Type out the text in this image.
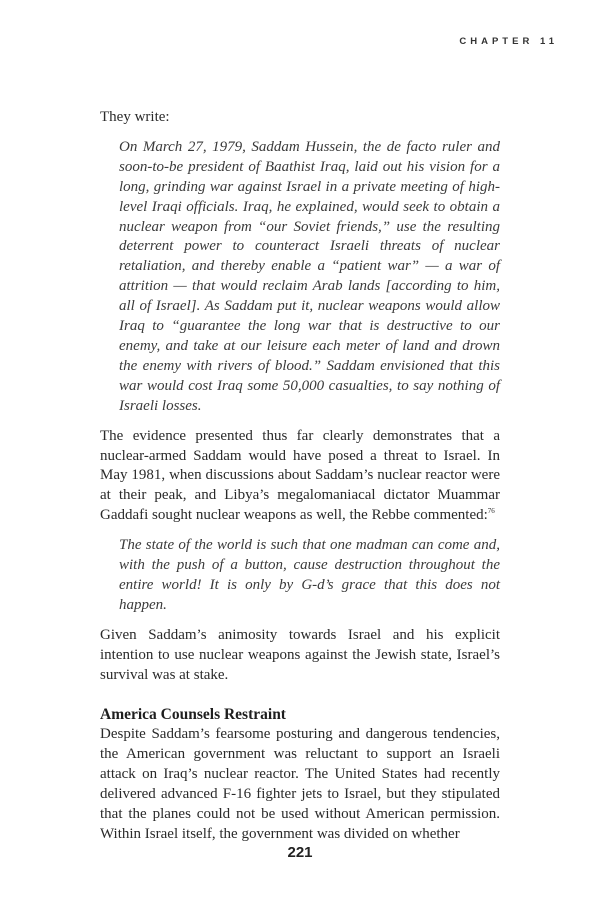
CHAPTER 11

They write:

On March 27, 1979, Saddam Hussein, the de facto ruler and soon-to-be president of Baathist Iraq, laid out his vision for a long, grinding war against Israel in a private meeting of high-level Iraqi officials. Iraq, he explained, would seek to obtain a nuclear weapon from “our Soviet friends,” use the resulting deterrent power to counteract Israeli threats of nuclear retaliation, and thereby enable a “patient war” — a war of attrition — that would reclaim Arab lands [according to him, all of Israel]. As Saddam put it, nuclear weapons would allow Iraq to “guarantee the long war that is destructive to our enemy, and take at our leisure each meter of land and drown the enemy with rivers of blood.” Saddam envisioned that this war would cost Iraq some 50,000 casualties, to say nothing of Israeli losses.

The evidence presented thus far clearly demonstrates that a nuclear-armed Saddam would have posed a threat to Israel. In May 1981, when discussions about Saddam’s nuclear reactor were at their peak, and Libya’s megalomaniacal dictator Muammar Gaddafi sought nuclear weapons as well, the Rebbe commented:$^{76}$

The state of the world is such that one madman can come and, with the push of a button, cause destruction throughout the entire world! It is only by G-d’s grace that this does not happen.

Given Saddam’s animosity towards Israel and his explicit intention to use nuclear weapons against the Jewish state, Israel’s survival was at stake.

America Counsels Restraint

Despite Saddam’s fearsome posturing and dangerous tendencies, the American government was reluctant to support an Israeli attack on Iraq’s nuclear reactor. The United States had recently delivered advanced F-16 fighter jets to Israel, but they stipulated that the planes could not be used without American permission. Within Israel itself, the government was divided on whether

221
